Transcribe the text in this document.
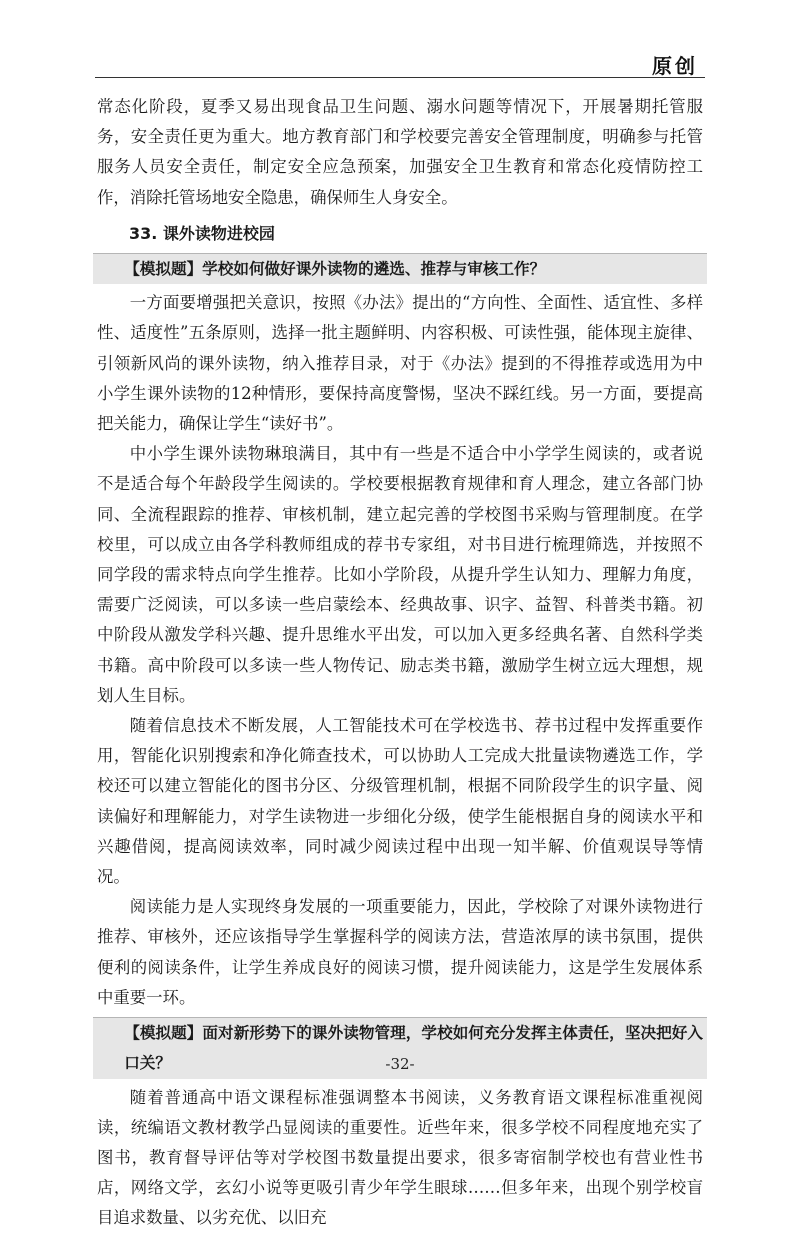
原创

常态化阶段，夏季又易出现食品卫生问题、溺水问题等情况下，开展暑期托管服务，安全责任更为重大。地方教育部门和学校要完善安全管理制度，明确参与托管服务人员安全责任，制定安全应急预案，加强安全卫生教育和常态化疫情防控工作，消除托管场地安全隐患，确保师生人身安全。

33. 课外读物进校园
【模拟题】学校如何做好课外读物的遴选、推荐与审核工作？

一方面要增强把关意识，按照《办法》提出的“方向性、全面性、适宜性、多样性、适度性”五条原则，选择一批主题鲜明、内容积极、可读性强，能体现主旋律、引领新风尚的课外读物，纳入推荐目录，对于《办法》提到的不得推荐或选用为中小学生课外读物的12种情形，要保持高度警惕，坚决不踩红线。另一方面，要提高把关能力，确保让学生“读好书”。

中小学生课外读物琳琅满目，其中有一些是不适合中小学学生阅读的，或者说不是适合每个年龄段学生阅读的。学校要根据教育规律和育人理念，建立各部门协同、全流程跟踪的推荐、审核机制，建立起完善的学校图书采购与管理制度。在学校里，可以成立由各学科教师组成的荐书专家组，对书目进行梳理筛选，并按照不同学段的需求特点向学生推荐。比如小学阶段，从提升学生认知力、理解力角度，需要广泛阅读，可以多读一些启蒙绘本、经典故事、识字、益智、科普类书籍。初中阶段从激发学科兴趣、提升思维水平出发，可以加入更多经典名著、自然科学类书籍。高中阶段可以多读一些人物传记、励志类书籍，激励学生树立远大理想，规划人生目标。

随着信息技术不断发展，人工智能技术可在学校选书、荐书过程中发挥重要作用，智能化识别搜索和净化筛查技术，可以协助人工完成大批量读物遴选工作，学校还可以建立智能化的图书分区、分级管理机制，根据不同阶段学生的识字量、阅读偏好和理解能力，对学生读物进一步细化分级，使学生能根据自身的阅读水平和兴趣借阅，提高阅读效率，同时减少阅读过程中出现一知半解、价值观误导等情况。

阅读能力是人实现终身发展的一项重要能力，因此，学校除了对课外读物进行推荐、审核外，还应该指导学生掌握科学的阅读方法，营造浓厚的读书氛围，提供便利的阅读条件，让学生养成良好的阅读习惯，提升阅读能力，这是学生发展体系中重要一环。

【模拟题】面对新形势下的课外读物管理，学校如何充分发挥主体责任，坚决把好入口关？

随着普通高中语文课程标准强调整本书阅读，义务教育语文课程标准重视阅读，统编语文教材教学凸显阅读的重要性。近些年来，很多学校不同程度地充实了图书，教育督导评估等对学校图书数量提出要求，很多寄宿制学校也有营业性书店，网络文学，玄幻小说等更吸引青少年学生眼球……但多年来，出现个别学校盲目追求数量、以劣充优、以旧充

-32-
